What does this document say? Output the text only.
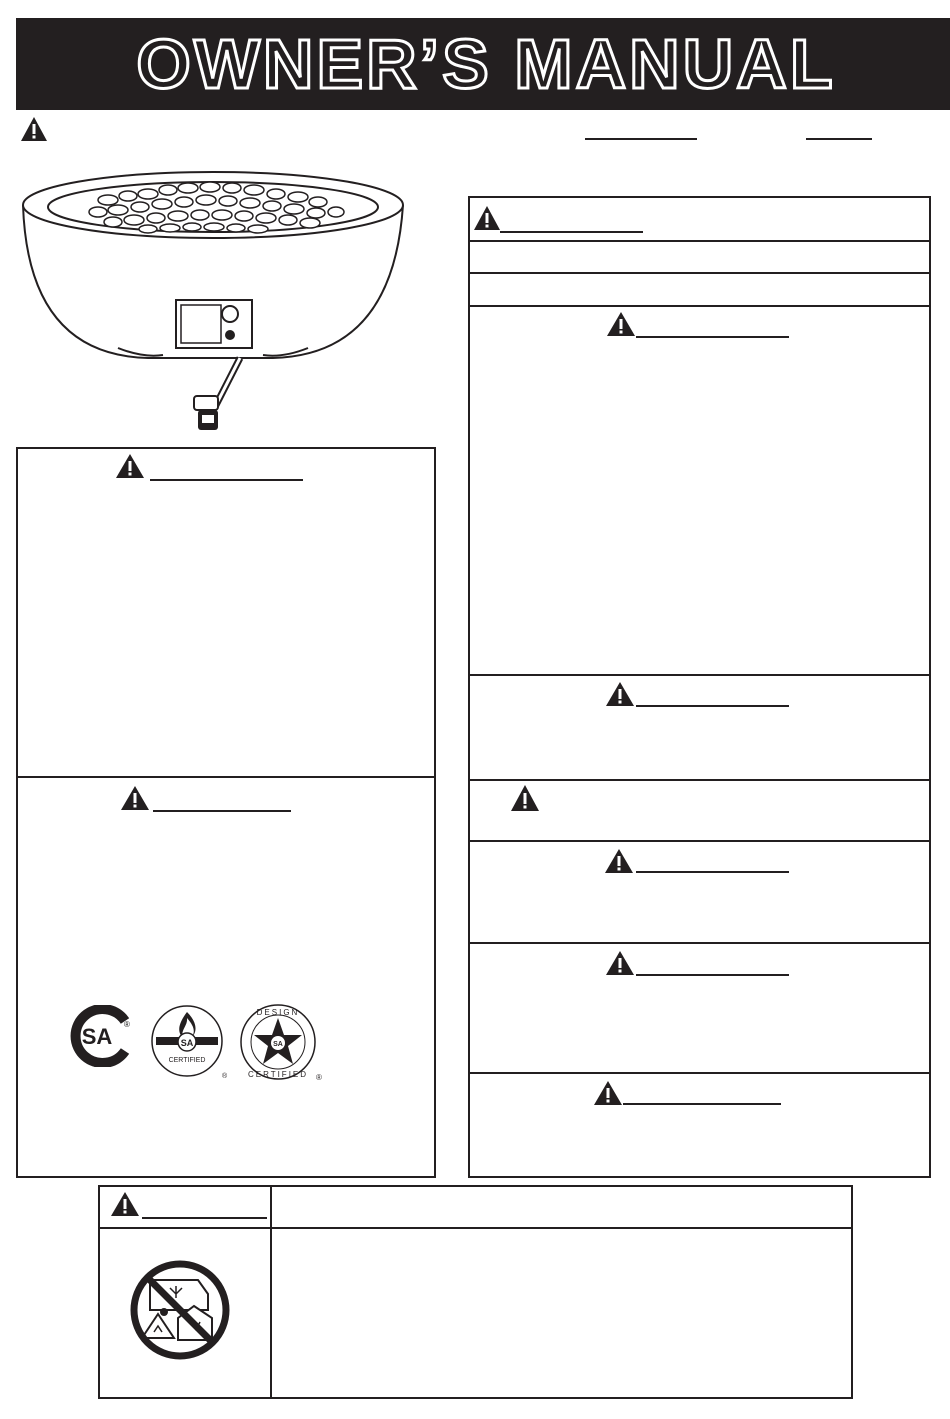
OWNER’S MANUAL
SA ®
SA
CERTIFIED
®
SA
DESIGN
CERTIFIED ®
